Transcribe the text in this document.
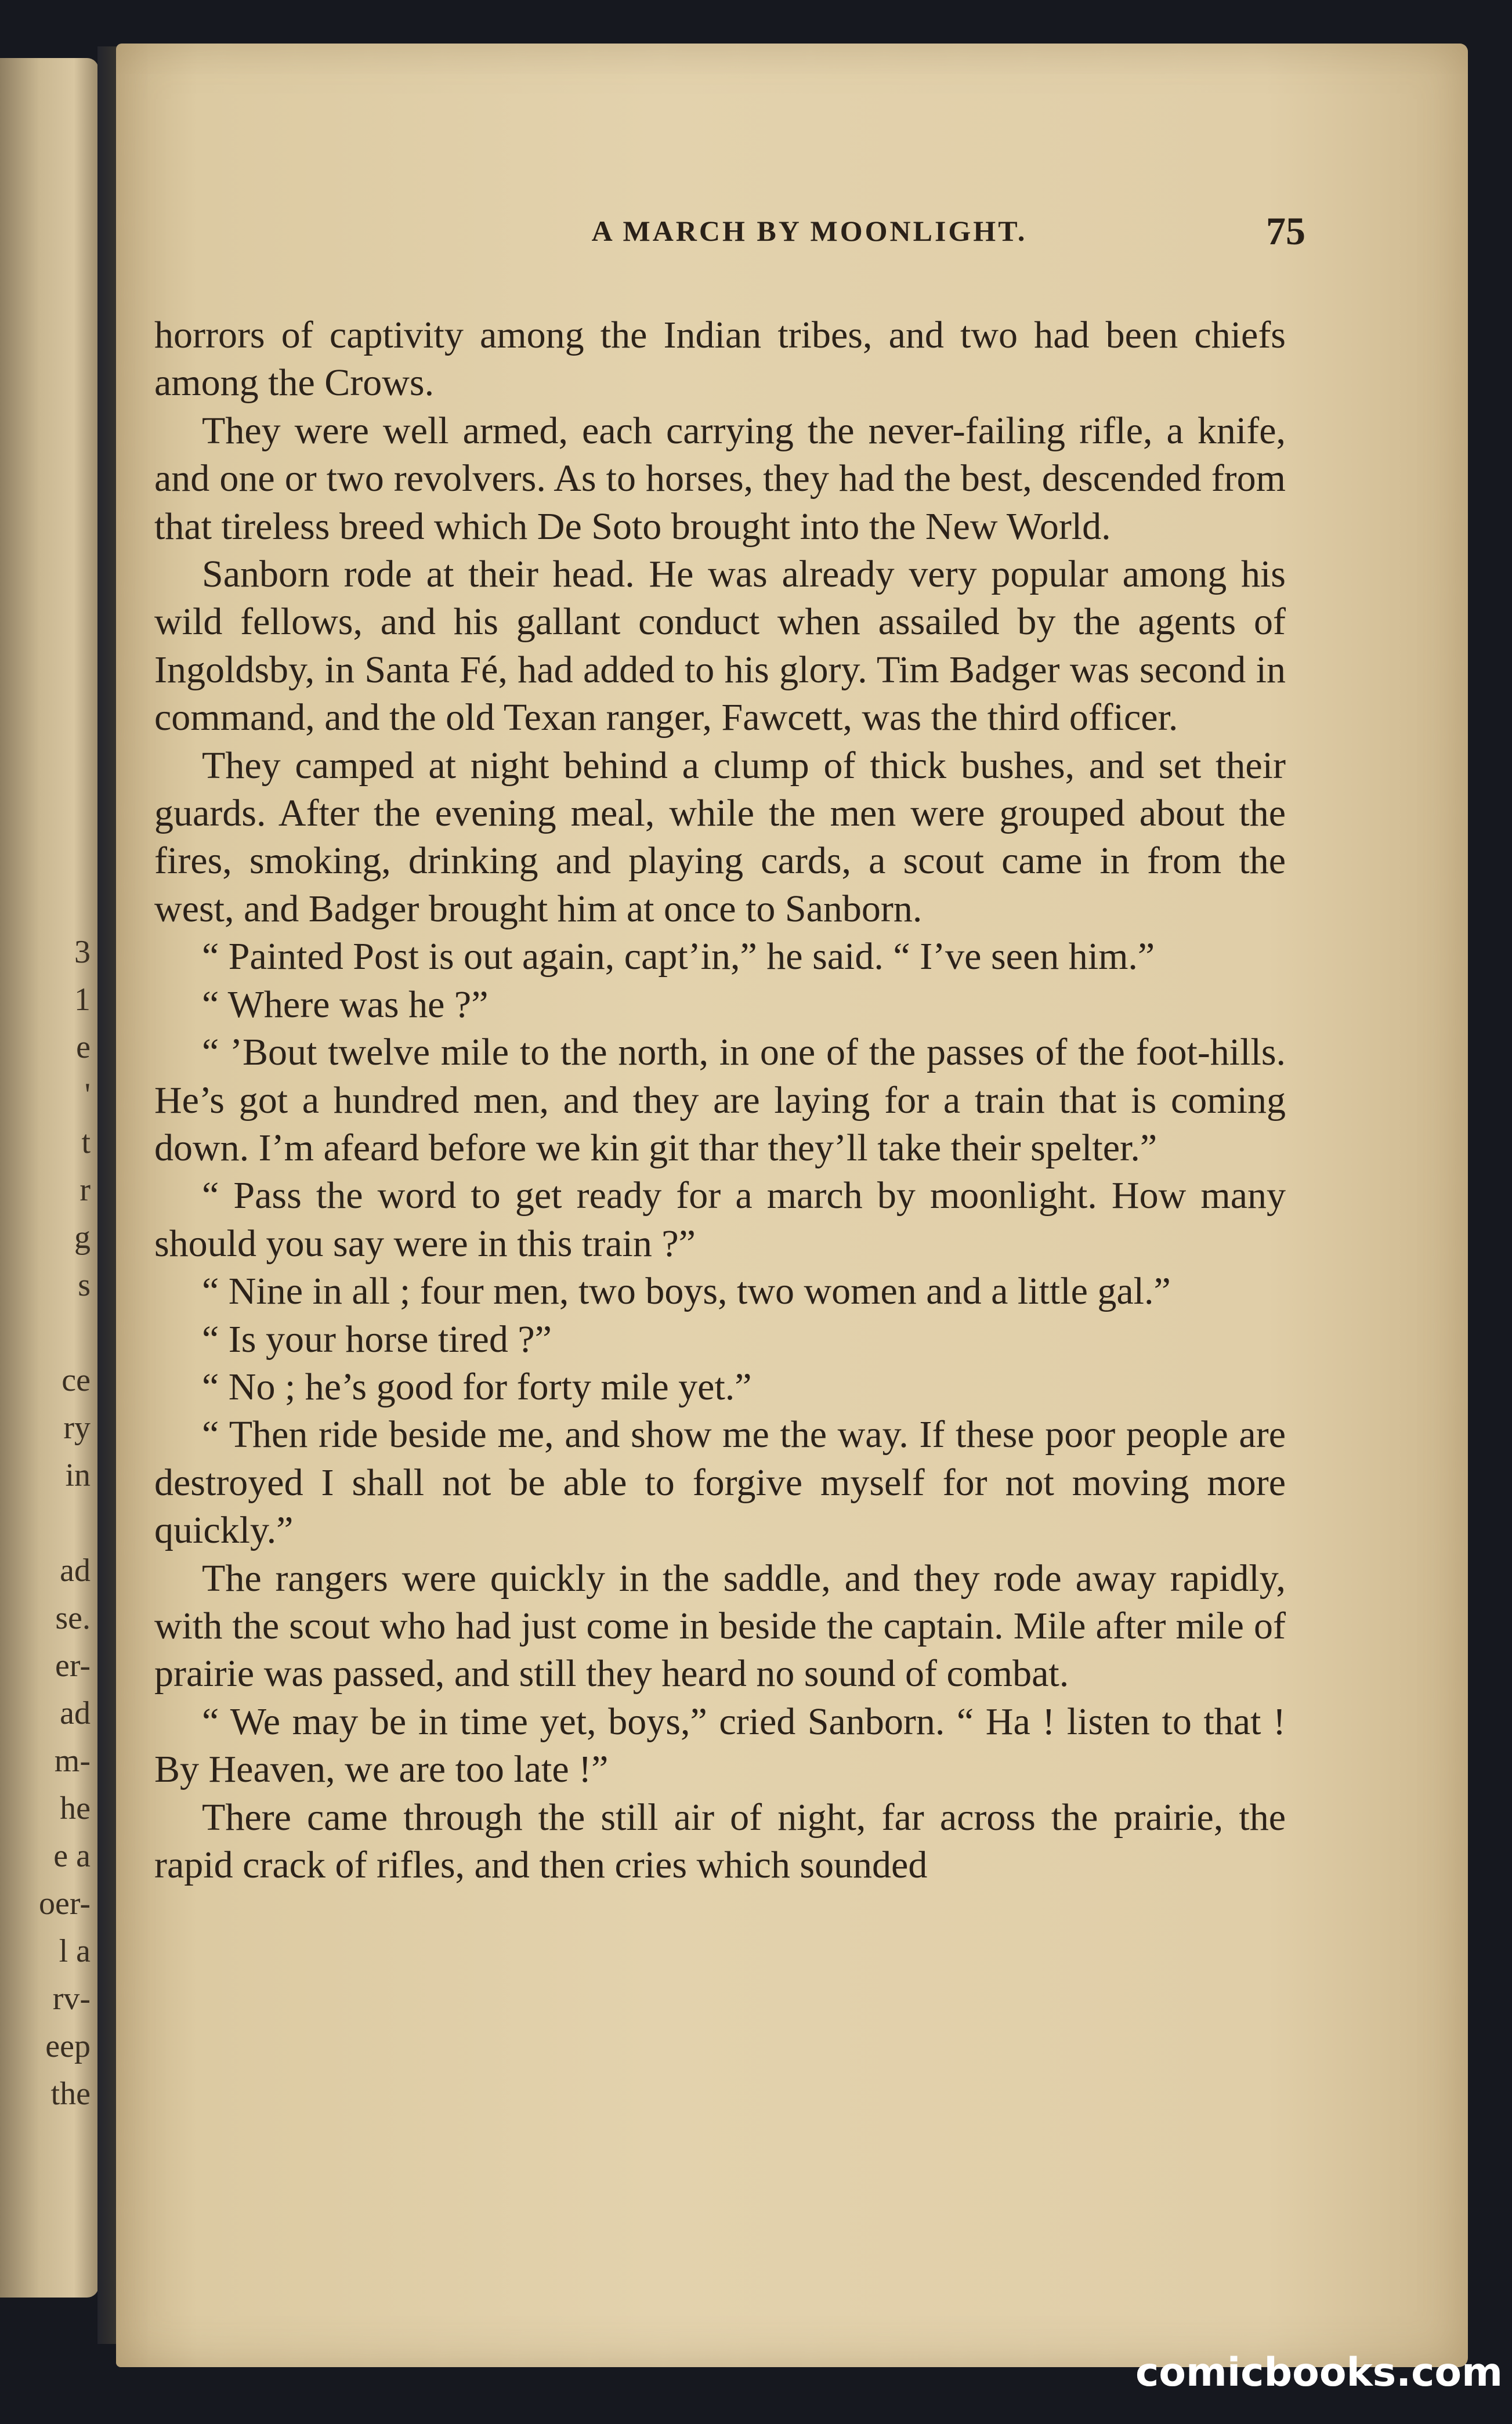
3
1
e
'
t
r
g
s
ce
ry
in
ad
se.
er-
ad
m-
he
e a
oer-
l a
rv-
eep
the
A MARCH BY MOONLIGHT.	75

horrors of captivity among the Indian tribes, and two had been chiefs among the Crows.

They were well armed, each carrying the never-failing rifle, a knife, and one or two revolvers. As to horses, they had the best, descended from that tireless breed which De Soto brought into the New World.

Sanborn rode at their head. He was already very popular among his wild fellows, and his gallant conduct when assailed by the agents of Ingoldsby, in Santa Fé, had added to his glory. Tim Badger was second in command, and the old Texan ranger, Fawcett, was the third officer.

They camped at night behind a clump of thick bushes, and set their guards. After the evening meal, while the men were grouped about the fires, smoking, drinking and playing cards, a scout came in from the west, and Badger brought him at once to Sanborn.

“ Painted Post is out again, capt’in,” he said. “ I’ve seen him.”

“ Where was he ?”

“ ’Bout twelve mile to the north, in one of the passes of the foot-hills. He’s got a hundred men, and they are laying for a train that is coming down. I’m afeard before we kin git thar they’ll take their spelter.”

“ Pass the word to get ready for a march by moonlight. How many should you say were in this train ?”

“ Nine in all ; four men, two boys, two women and a little gal.”

“ Is your horse tired ?”

“ No ; he’s good for forty mile yet.”

“ Then ride beside me, and show me the way. If these poor people are destroyed I shall not be able to forgive myself for not moving more quickly.”

The rangers were quickly in the saddle, and they rode away rapidly, with the scout who had just come in beside the captain. Mile after mile of prairie was passed, and still they heard no sound of combat.

“ We may be in time yet, boys,” cried Sanborn. “ Ha ! listen to that ! By Heaven, we are too late !”

There came through the still air of night, far across the prairie, the rapid crack of rifles, and then cries which sounded

comicbooks.com
